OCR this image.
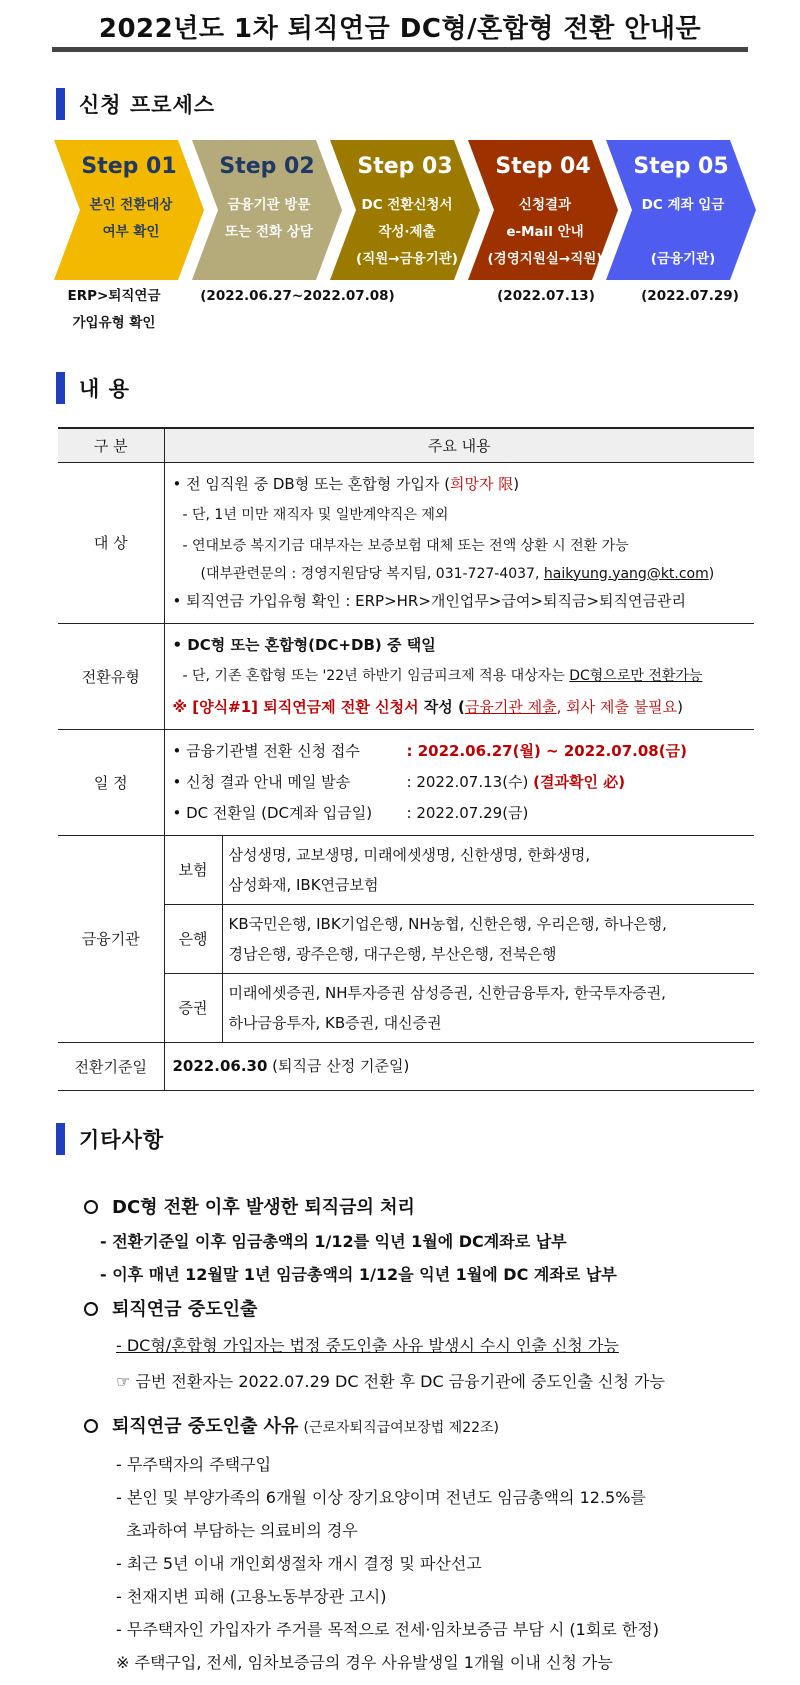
2022년도 1차 퇴직연금 DC형/혼합형 전환 안내문
신청 프로세스
Step 01
본인 전환대상
여부 확인
Step 02
금융기관 방문
또는 전화 상담
Step 03
DC 전환신청서
작성·제출
(직원→금융기관)
Step 04
신청결과
e-Mail 안내
(경영지원실→직원)
Step 05
DC 계좌 입금

(금융기관)
ERP>퇴직연금
가입유형 확인
(2022.06.27~2022.07.08)	(2022.07.13)	(2022.07.29)
내 용
구 분	주요 내용	
대 상	• 전 임직원 중 DB형 또는 혼합형 가입자 (희망자 限)
- 단, 1년 미만 재직자 및 일반계약직은 제외
- 연대보증 복지기금 대부자는 보증보험 대체 또는 전액 상환 시 전환 가능
(대부관련문의 : 경영지원담당 복지팀, 031-727-4037, haikyung.yang@kt.com)
• 퇴직연금 가입유형 확인 : ERP>HR>개인업무>급여>퇴직금>퇴직연금관리	

전환유형	• DC형 또는 혼합형(DC+DB) 중 택일
- 단, 기존 혼합형 또는 '22년 하반기 임금피크제 적용 대상자는 DC형으로만 전환가능
※ [양식#1] 퇴직연금제 전환 신청서 작성 (금융기관 제출, 회사 제출 불필요)	

일 정	• 금융기관별 전환 신청 접수 : 2022.06.27(월) ~ 2022.07.08(금)
• 신청 결과 안내 메일 발송 : 2022.07.13(수) (결과확인 必)
• DC 전환일 (DC계좌 입금일) : 2022.07.29(금)	

금융기관	보험	삼성생명, 교보생명, 미래에셋생명, 신한생명, 한화생명,
삼성화재, IBK연금보험
	은행	KB국민은행, IBK기업은행, NH농협, 신한은행, 우리은행, 하나은행,
경남은행, 광주은행, 대구은행, 부산은행, 전북은행
	증권	미래에셋증권, NH투자증권 삼성증권, 신한금융투자, 한국투자증권,
하나금융투자, KB증권, 대신증권
전환기준일	2022.06.30 (퇴직금 산정 기준일)	
기타사항
DC형 전환 이후 발생한 퇴직금의 처리
- 전환기준일 이후 임금총액의 1/12를 익년 1월에 DC계좌로 납부
- 이후 매년 12월말 1년 임금총액의 1/12을 익년 1월에 DC 계좌로 납부
퇴직연금 중도인출
- DC형/혼합형 가입자는 법정 중도인출 사유 발생시 수시 인출 신청 가능
☞ 금번 전환자는 2022.07.29 DC 전환 후 DC 금융기관에 중도인출 신청 가능
퇴직연금 중도인출 사유 (근로자퇴직급여보장법 제22조)
- 무주택자의 주택구입
- 본인 및 부양가족의 6개월 이상 장기요양이며 전년도 임금총액의 12.5%를
초과하여 부담하는 의료비의 경우
- 최근 5년 이내 개인회생절차 개시 결정 및 파산선고
- 천재지변 피해 (고용노동부장관 고시)
- 무주택자인 가입자가 주거를 목적으로 전세·임차보증금 부담 시 (1회로 한정)
※ 주택구입, 전세, 임차보증금의 경우 사유발생일 1개월 이내 신청 가능
